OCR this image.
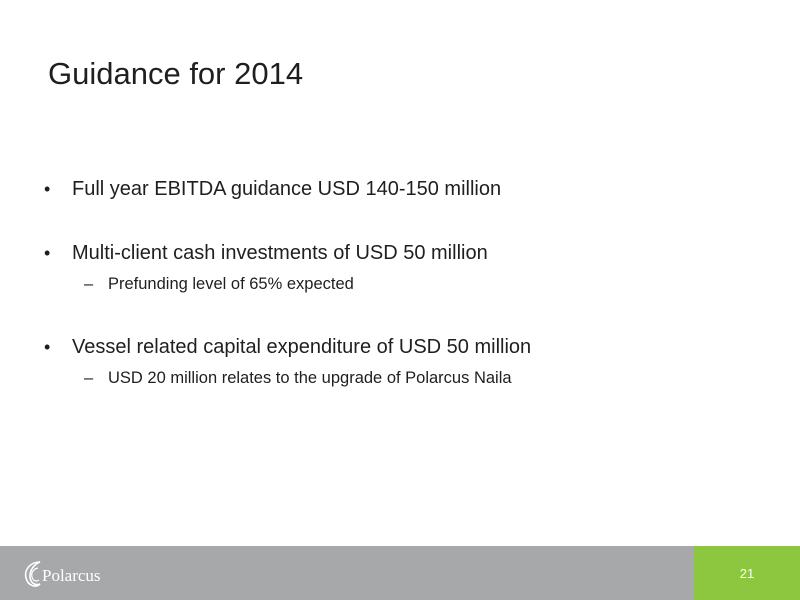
Guidance for 2014
• Full year EBITDA guidance USD 140-150 million
• Multi-client cash investments of USD 50 million
– Prefunding level of 65% expected
• Vessel related capital expenditure of USD 50 million
– USD 20 million relates to the upgrade of Polarcus Naila
Polarcus	21
